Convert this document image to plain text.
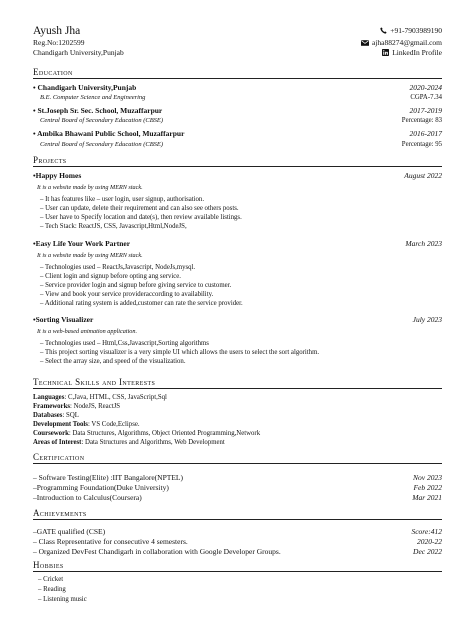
Ayush Jha
Reg.No:1202599
Chandigarh University,Punjab
+91-7903989190
ajha88274@gmail.com
LinkedIn Profile
Education
• Chandigarh University,Punjab	2020-2024
B.E. Computer Science and Engineering	CGPA-7.34
• St.Joseph Sr. Sec. School, Muzaffarpur	2017-2019
Central Board of Secondary Education (CBSE)	Percentage: 83
• Ambika Bhawani Public School, Muzaffarpur	2016-2017
Central Board of Secondary Education (CBSE)	Percentage: 95
Projects
•Happy Homes	August 2022
It is a website made by using MERN stack.
– It has features like – user login, user signup, authorisation.
– User can update, delete their requirement and can also see others posts.
– User have to Specify location and date(s), then review available listings.
– Tech Stack: ReactJS, CSS, Javascript,Html,NodeJS,
•Easy Life Your Work Partner	March 2023
It is a website made by using MERN stack.
– Technologies used – ReactJs,Javascript, NodeJs,mysql.
– Client login and signup before opting ang service.
– Service provider login and signup before giving service to customer.
– View and book your service provideraccording to availability.
– Additional rating system is added,customer can rate the service provider.
•Sorting Visualizer	July 2023
It is a web-based animation application.
– Technologies used – Html,Css,Javascript,Sorting algorithms
– This project sorting visualizer is a very simple UI which allows the users to select the sort algorithm.
– Select the array size, and speed of the visualization.
Technical Skills and Interests
Languages: C,Java, HTML, CSS, JavaScript,Sql
Frameworks: NodeJS, ReactJS
Databases: SQL
Development Tools: VS Code,Eclipse.
Coursework: Data Structures, Algorithms, Object Oriented Programming,Network
Areas of Interest: Data Structures and Algorithms, Web Development
Certification
– Software Testing(Elite) :IIT Bangalore(NPTEL)	Nov 2023
–Programming Foundation(Duke University)	Feb 2022
–Introduction to Calculus(Coursera)	Mar 2021
Achievements
–GATE qualified (CSE)	Score:412
– Class Representative for consecutive 4 semesters.	2020-22
– Organized DevFest Chandigarh in collaboration with Google Developer Groups.	Dec 2022
Hobbies
– Cricket
– Reading
– Listening music
